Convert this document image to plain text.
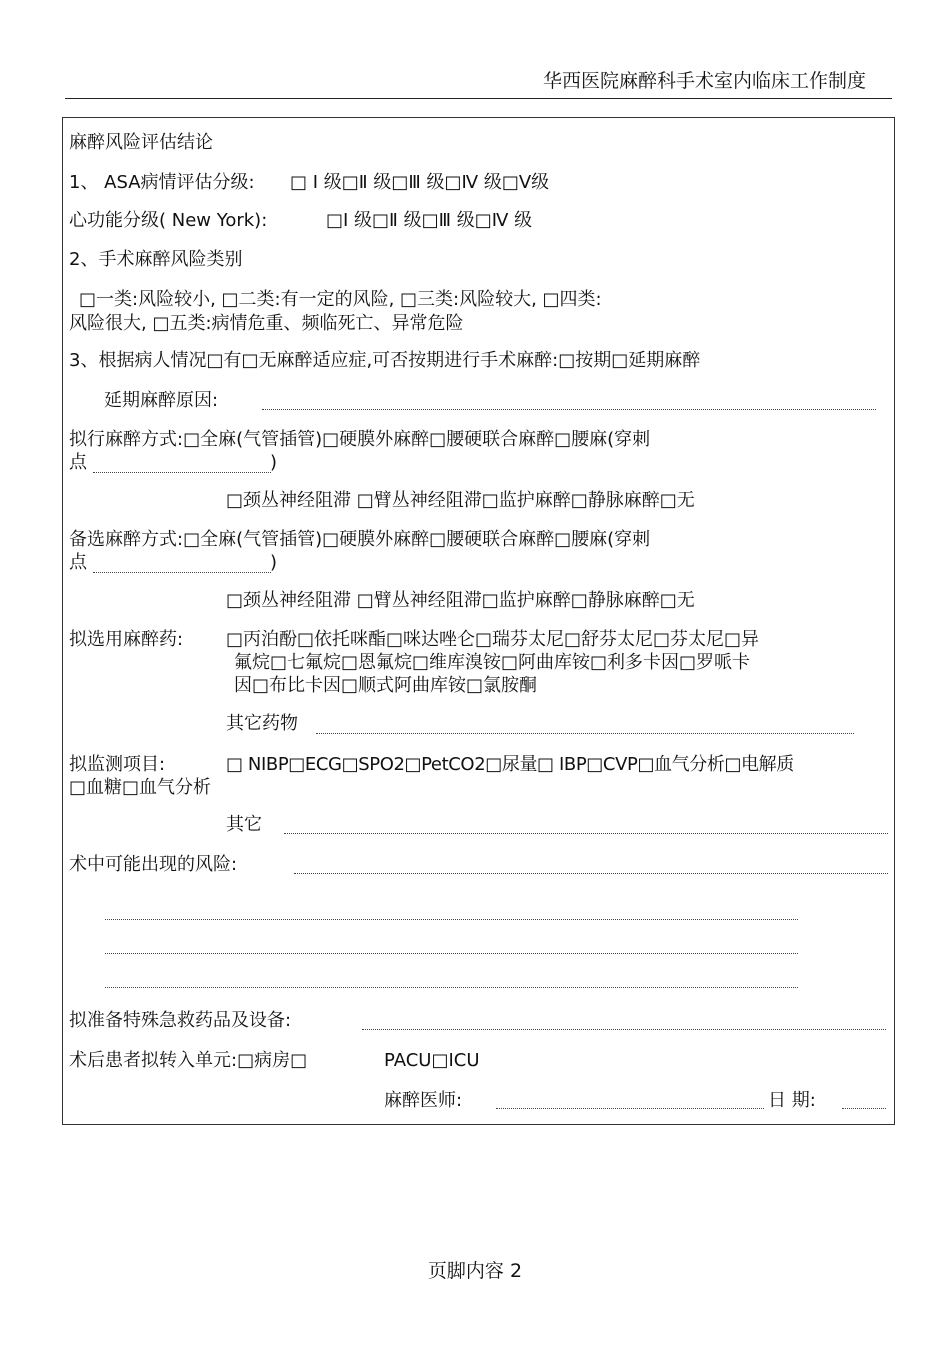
华西医院麻醉科手术室内临床工作制度
麻醉风险评估结论
1、 ASA病情评估分级: □ Ⅰ 级□Ⅱ 级□Ⅲ 级□Ⅳ 级□Ⅴ级
心功能分级( New York):	□Ⅰ 级□Ⅱ 级□Ⅲ 级□Ⅳ 级
2、手术麻醉风险类别
□一类:风险较小, □二类:有一定的风险, □三类:风险较大, □四类:
风险很大, □五类:病情危重、频临死亡、异常危险
3、根据病人情况□有□无麻醉适应症,可否按期进行手术麻醉:□按期□延期麻醉
延期麻醉原因:
拟行麻醉方式:□全麻(气管插管)□硬膜外麻醉□腰硬联合麻醉□腰麻(穿刺
点	)
□颈丛神经阻滞 □臂丛神经阻滞□监护麻醉□静脉麻醉□无
备选麻醉方式:□全麻(气管插管)□硬膜外麻醉□腰硬联合麻醉□腰麻(穿刺
点	)
□颈丛神经阻滞 □臂丛神经阻滞□监护麻醉□静脉麻醉□无
拟选用麻醉药: □丙泊酚□依托咪酯□咪达唑仑□瑞芬太尼□舒芬太尼□芬太尼□异
氟烷□七氟烷□恩氟烷□维库溴铵□阿曲库铵□利多卡因□罗哌卡
因□布比卡因□顺式阿曲库铵□氯胺酮
其它药物
拟监测项目:	□ NIBP□ECG□SPO2□PetCO2□尿量□ IBP□CVP□血气分析□电解质
□血糖□血气分析
其它
术中可能出现的风险:
拟准备特殊急救药品及设备:
术后患者拟转入单元:□病房□	PACU□ICU
麻醉医师:	日 期:
页脚内容 2
